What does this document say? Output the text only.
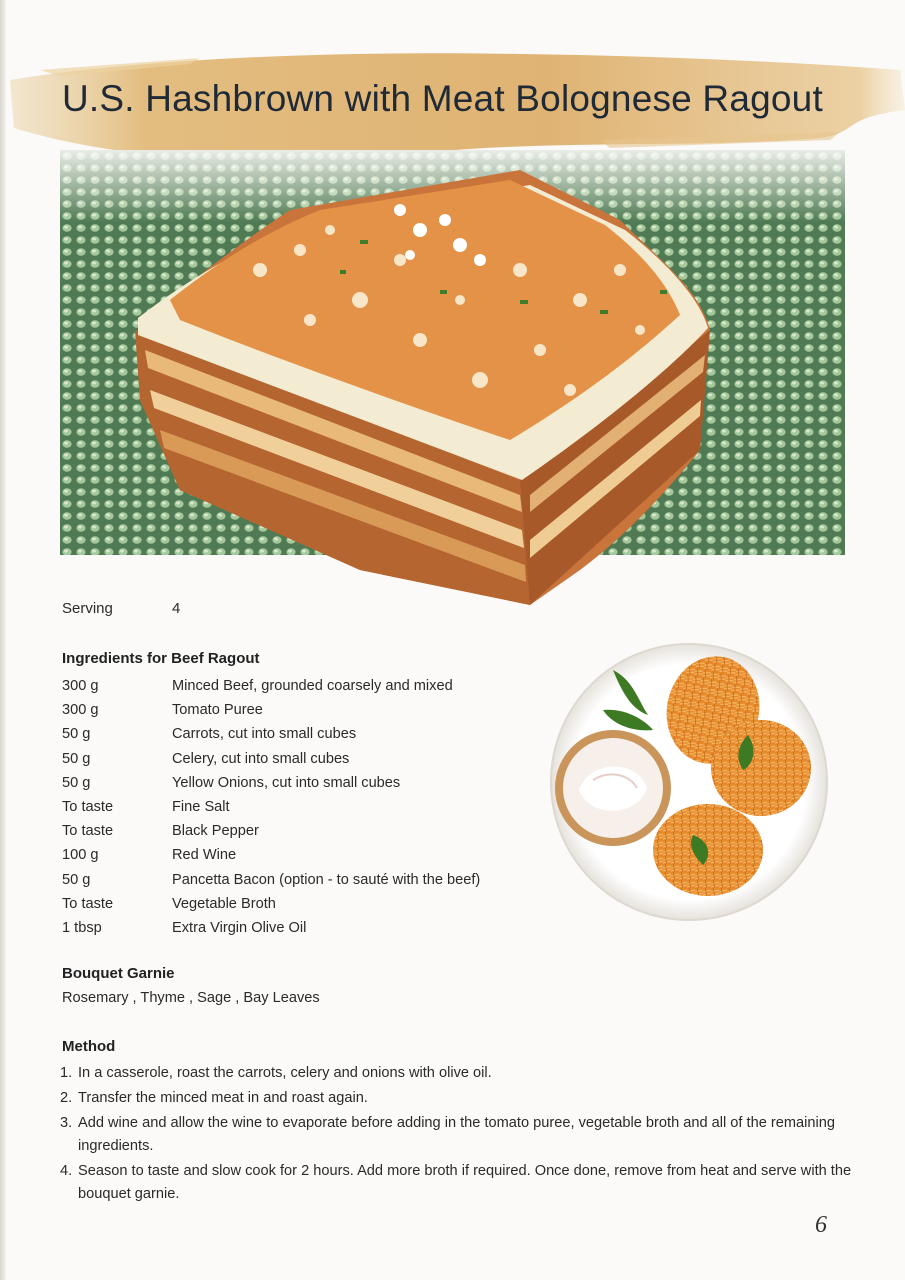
U.S. Hashbrown with Meat Bolognese Ragout
Serving	4
Ingredients for Beef Ragout
300 g	Minced Beef, grounded coarsely and mixed
300 g	Tomato Puree
50 g	Carrots, cut into small cubes
50 g	Celery, cut into small cubes
50 g	Yellow Onions, cut into small cubes
To taste	Fine Salt
To taste	Black Pepper
100 g	Red Wine
50 g	Pancetta Bacon (option - to sauté with the beef)
To taste	Vegetable Broth
1 tbsp	Extra Virgin Olive Oil
Bouquet Garnie
Rosemary , Thyme , Sage , Bay Leaves
Method
1. In a casserole, roast the carrots, celery and onions with olive oil.
2. Transfer the minced meat in and roast again.
3. Add wine and allow the wine to evaporate before adding in the tomato puree, vegetable broth and all of the remaining ingredients.
4. Season to taste and slow cook for 2 hours. Add more broth if required. Once done, remove from heat and serve with the bouquet garnie.
6
